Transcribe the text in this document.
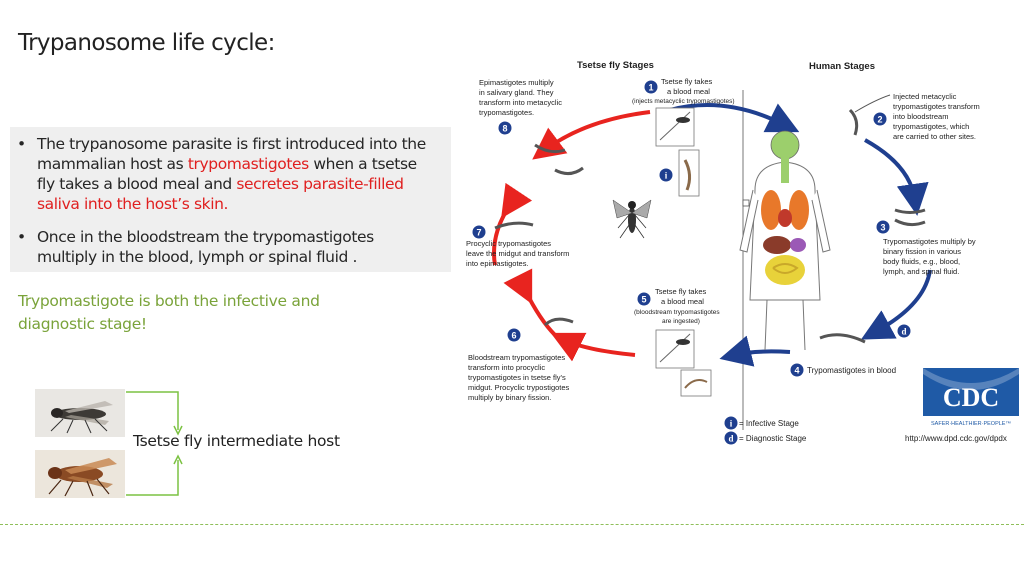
Trypanosome life cycle:
• The trypanosome parasite is first introduced into the mammalian host as trypomastigotes when a tsetse fly takes a blood meal and secretes parasite-filled saliva into the host’s skin.
• Once in the bloodstream the trypomastigotes multiply in the blood, lymph or spinal fluid .
Trypomastigote is both the infective and diagnostic stage!
Tsetse fly intermediate host
Tsetse fly Stages	Human Stages
1
Tsetse fly takes
a blood meal
(injects metacyclic trypomastigotes)
i
2
Injected metacyclic
trypomastigotes transform
into bloodstream
trypomastigotes, which
are carried to other sites.
3
Trypomastigotes multiply by
binary fission in various
body fluids, e.g., blood,
lymph, and spinal fluid.
d
4 Trypomastigotes in blood
5
Tsetse fly takes
a blood meal
(bloodstream trypomastigotes
are ingested)
6
Bloodstream trypomastigotes
transform into procyclic
trypomastigotes in tsetse fly's
midgut. Procyclic trypostigotes
multiply by binary fission.
7
Procyclic trypomastigotes
leave the midgut and transform
into epimastigotes.
8
Epimastigotes multiply
in salivary gland. They
transform into metacyclic
trypomastigotes.
i = Infective Stage
d = Diagnostic Stage	http://www.dpd.cdc.gov/dpdx
CDC
SAFER·HEALTHIER·PEOPLE™
